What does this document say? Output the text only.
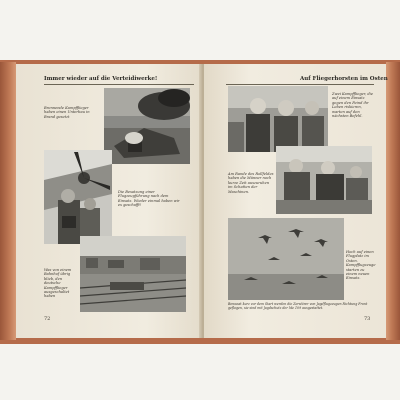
Immer wieder auf die Verteidiwerke!
Brennende Kampfflieger haben einen Unterbau in Brand gesetzt
Die Besatzung einer Flugzeugführung nach dem Einsatz. Wieder einmal haben wir es geschafft!
Was von einem Bahnhof übrig blieb, den deutsche Kampfflieger ausgeschaltet haben
72
Auf Fliegerhorsten im Osten
Zwei Kampfflieger, die auf einem Einsatz gegen den Feind ihr Leben riskieren, warten auf den nächsten Befehl.
Am Rande des Rollfeldes haben die Männer noch kurze Zeit auszuruhen im Schatten der Maschinen.
Hoch auf einen Flugplatz im Osten. Kampfflugzeuge starten zu einem neuen Einsatz.
Bewusst kurz vor dem Start werden die Zerstörer von Jagdflugzeugen Richtung Front geflogen, sie sind mit Jagdschutz der Me 109 ausgestattet.
73
